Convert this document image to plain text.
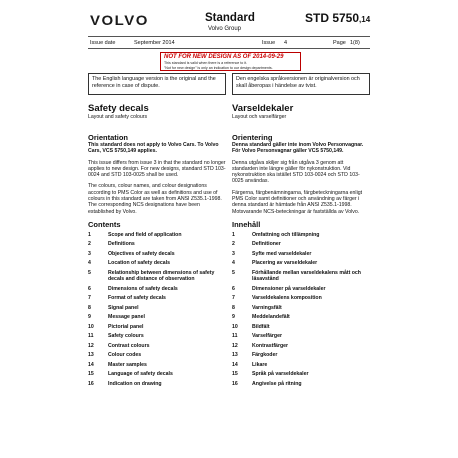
VOLVO	Standard
Volvo Group
STD 5750,14
Issue date	September 2014	Issue 4	Page 1(8)
NOT FOR NEW DESIGN AS OF 2014-09-29
This standard is valid when there is a reference to it.
"Not for new design" is only an indication to our design departments.
The English language version is the original and the reference in case of dispute.
Den engelska språkversionen är originalversion och skall åberopas i händelse av tvist.
Safety decals
Layout and safety colours
Orientation

This standard does not apply to Volvo Cars. To Volvo Cars, VCS 5750,149 applies.

This issue differs from issue 3 in that the standard no longer applies to new design. For new designs, standard STD 103-0024 and STD 103-0025 shall be used.

The colours, colour names, and colour designations according to PMS Color as well as definitions and use of colours in this standard are taken from ANSI Z535.1-1998. The corresponding NCS designations have been established by Volvo.

Contents
1	Scope and field of application
2	Definitions
3	Objectives of safety decals
4	Location of safety decals
5	Relationship between dimensions of safety decals and distance of observation
6	Dimensions of safety decals
7	Format of safety decals
8	Signal panel
9	Message panel
10	Pictorial panel
11	Safety colours
12	Contrast colours
13	Colour codes
14	Master samples
15	Language of safety decals
16	Indication on drawing
Varseldekaler
Layout och varselfärger
Orientering

Denna standard gäller inte inom Volvo Personvagnar. För Volvo Personvagnar gäller VCS 5750,149.

Denna utgåva skiljer sig från utgåva 3 genom att standarden inte längre gäller för nykonstruktion. Vid nykonstruktion ska istället STD 103-0024 och STD 103-0025 användas.

Färgerna, färgbenämningarna, färgbeteckningarna enligt PMS Color samt definitioner och användning av färger i denna standard är hämtade från ANSI Z535.1-1998. Motsvarande NCS-beteckningar är fastställda av Volvo.

Innehåll
1	Omfattning och tillämpning
2	Definitioner
3	Syfte med varseldekaler
4	Placering av varseldekaler
5	Förhållande mellan varseldekalens mått och läsavstånd
6	Dimensioner på varseldekaler
7	Varseldekalens komposition
8	Varningsfält
9	Meddelandefält
10	Bildfält
11	Varselfärger
12	Kontrastfärger
13	Färgkoder
14	Likare
15	Språk på varseldekaler
16	Angivelse på ritning
